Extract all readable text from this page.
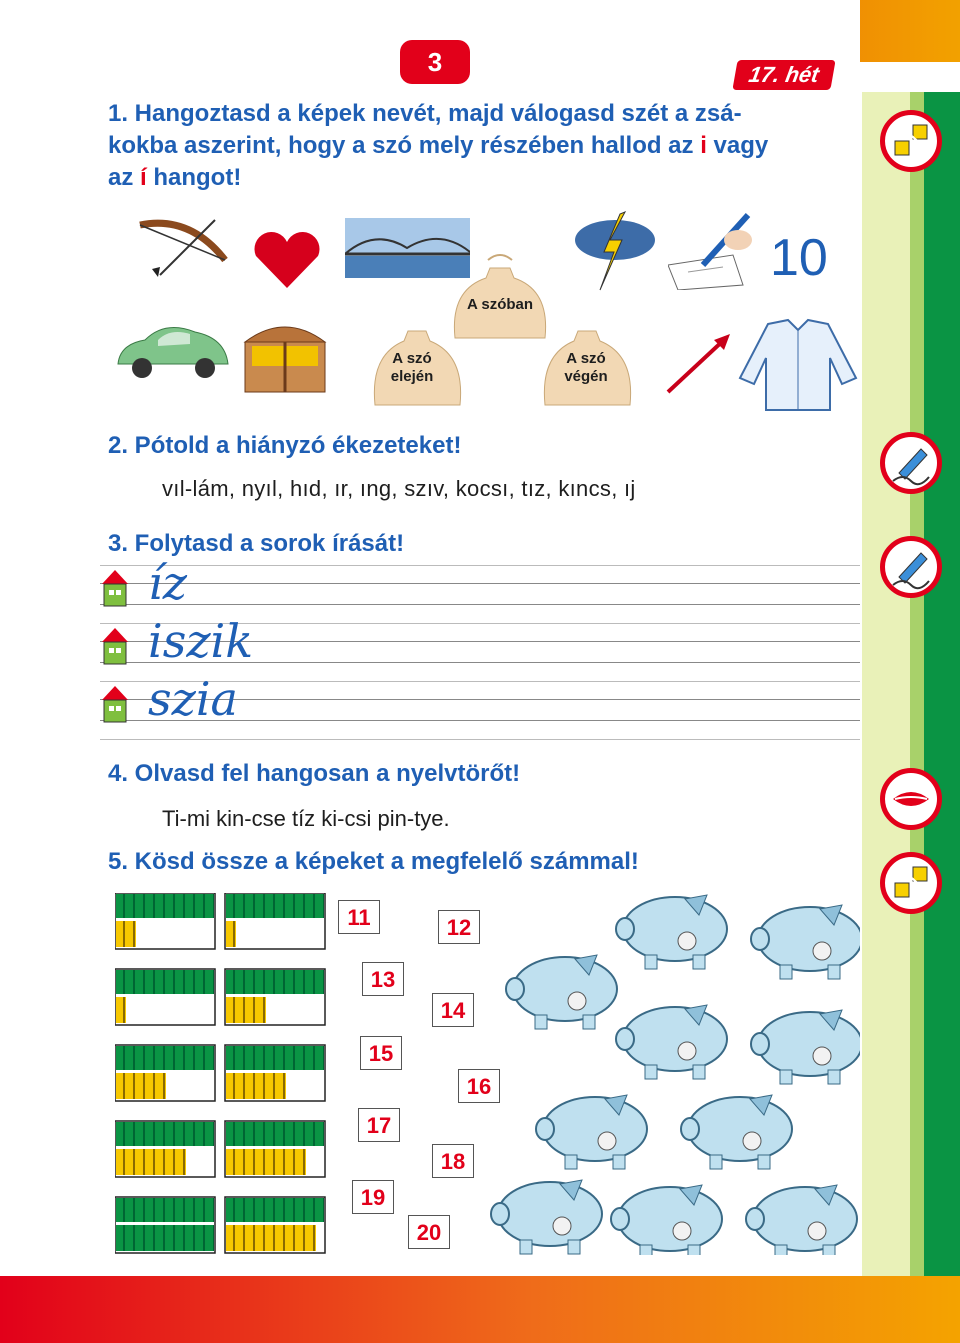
3	17. hét
1. Hangoztasd a képek nevét, majd válogasd szét a zsá-
kokba aszerint, hogy a szó mely részében hallod az i vagy
az í hangot!
10
A szóban
A szó elején
A szó végén
2. Pótold a hiányzó ékezeteket!
vıl-lám, nyıl, hıd, ır, ıng, szıv, kocsı, tız, kıncs, ıj
3. Folytasd a sorok írását!
íz
iszik
szia
4. Olvasd fel hangosan a nyelvtörőt!
Ti-mi kin-cse tíz ki-csi pin-tye.
5. Kösd össze a képeket a megfelelő számmal!
11	12
13
14
15
16
17
18
19
20
